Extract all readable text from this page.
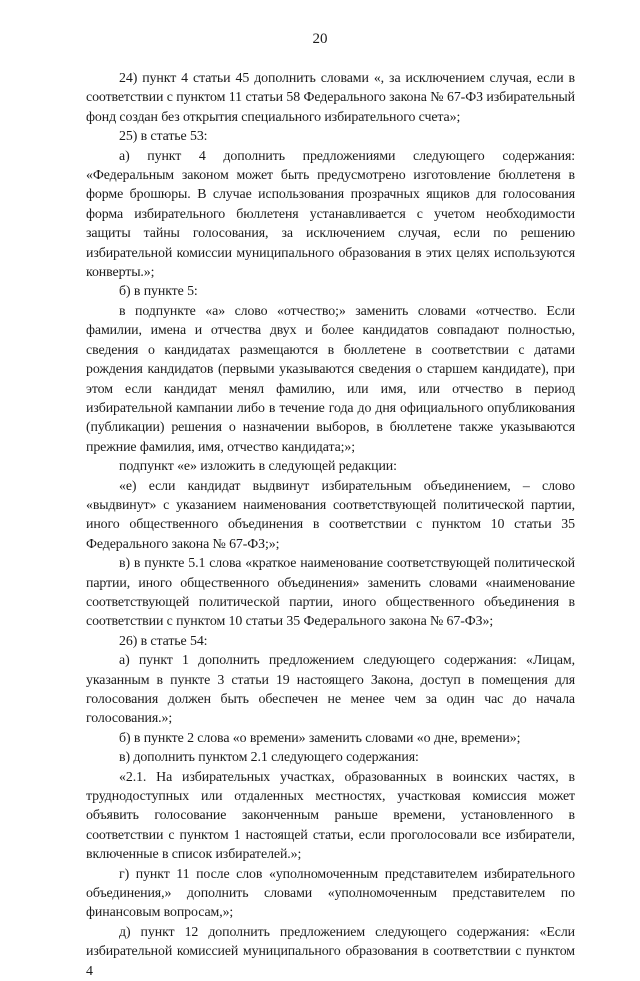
20

24) пункт 4 статьи 45 дополнить словами «, за исключением случая, если в соответствии с пунктом 11 статьи 58 Федерального закона № 67-ФЗ избирательный фонд создан без открытия специального избирательного счета»;

25) в статье 53:

а) пункт 4 дополнить предложениями следующего содержания: «Федеральным законом может быть предусмотрено изготовление бюллетеня в форме брошюры. В случае использования прозрачных ящиков для голосования форма избирательного бюллетеня устанавливается с учетом необходимости защиты тайны голосования, за исключением случая, если по решению избирательной комиссии муниципального образования в этих целях используются конверты.»;

б) в пункте 5:

в подпункте «а» слово «отчество;» заменить словами «отчество. Если фамилии, имена и отчества двух и более кандидатов совпадают полностью, сведения о кандидатах размещаются в бюллетене в соответствии с датами рождения кандидатов (первыми указываются сведения о старшем кандидате), при этом если кандидат менял фамилию, или имя, или отчество в период избирательной кампании либо в течение года до дня официального опубликования (публикации) решения о назначении выборов, в бюллетене также указываются прежние фамилия, имя, отчество кандидата;»;

подпункт «е» изложить в следующей редакции:

«е) если кандидат выдвинут избирательным объединением, – слово «выдвинут» с указанием наименования соответствующей политической партии, иного общественного объединения в соответствии с пунктом 10 статьи 35 Федерального закона № 67-ФЗ;»;

в) в пункте 5.1 слова «краткое наименование соответствующей политической партии, иного общественного объединения» заменить словами «наименование соответствующей политической партии, иного общественного объединения в соответствии с пунктом 10 статьи 35 Федерального закона № 67-ФЗ»;

26) в статье 54:

а) пункт 1 дополнить предложением следующего содержания: «Лицам, указанным в пункте 3 статьи 19 настоящего Закона, доступ в помещения для голосования должен быть обеспечен не менее чем за один час до начала голосования.»;

б) в пункте 2 слова «о времени» заменить словами «о дне, времени»;

в) дополнить пунктом 2.1 следующего содержания:

«2.1. На избирательных участках, образованных в воинских частях, в труднодоступных или отдаленных местностях, участковая комиссия может объявить голосование законченным раньше времени, установленного в соответствии с пунктом 1 настоящей статьи, если проголосовали все избиратели, включенные в список избирателей.»;

г) пункт 11 после слов «уполномоченным представителем избирательного объединения,» дополнить словами «уполномоченным представителем по финансовым вопросам,»;

д) пункт 12 дополнить предложением следующего содержания: «Если избирательной комиссией муниципального образования в соответствии с пунктом 4
